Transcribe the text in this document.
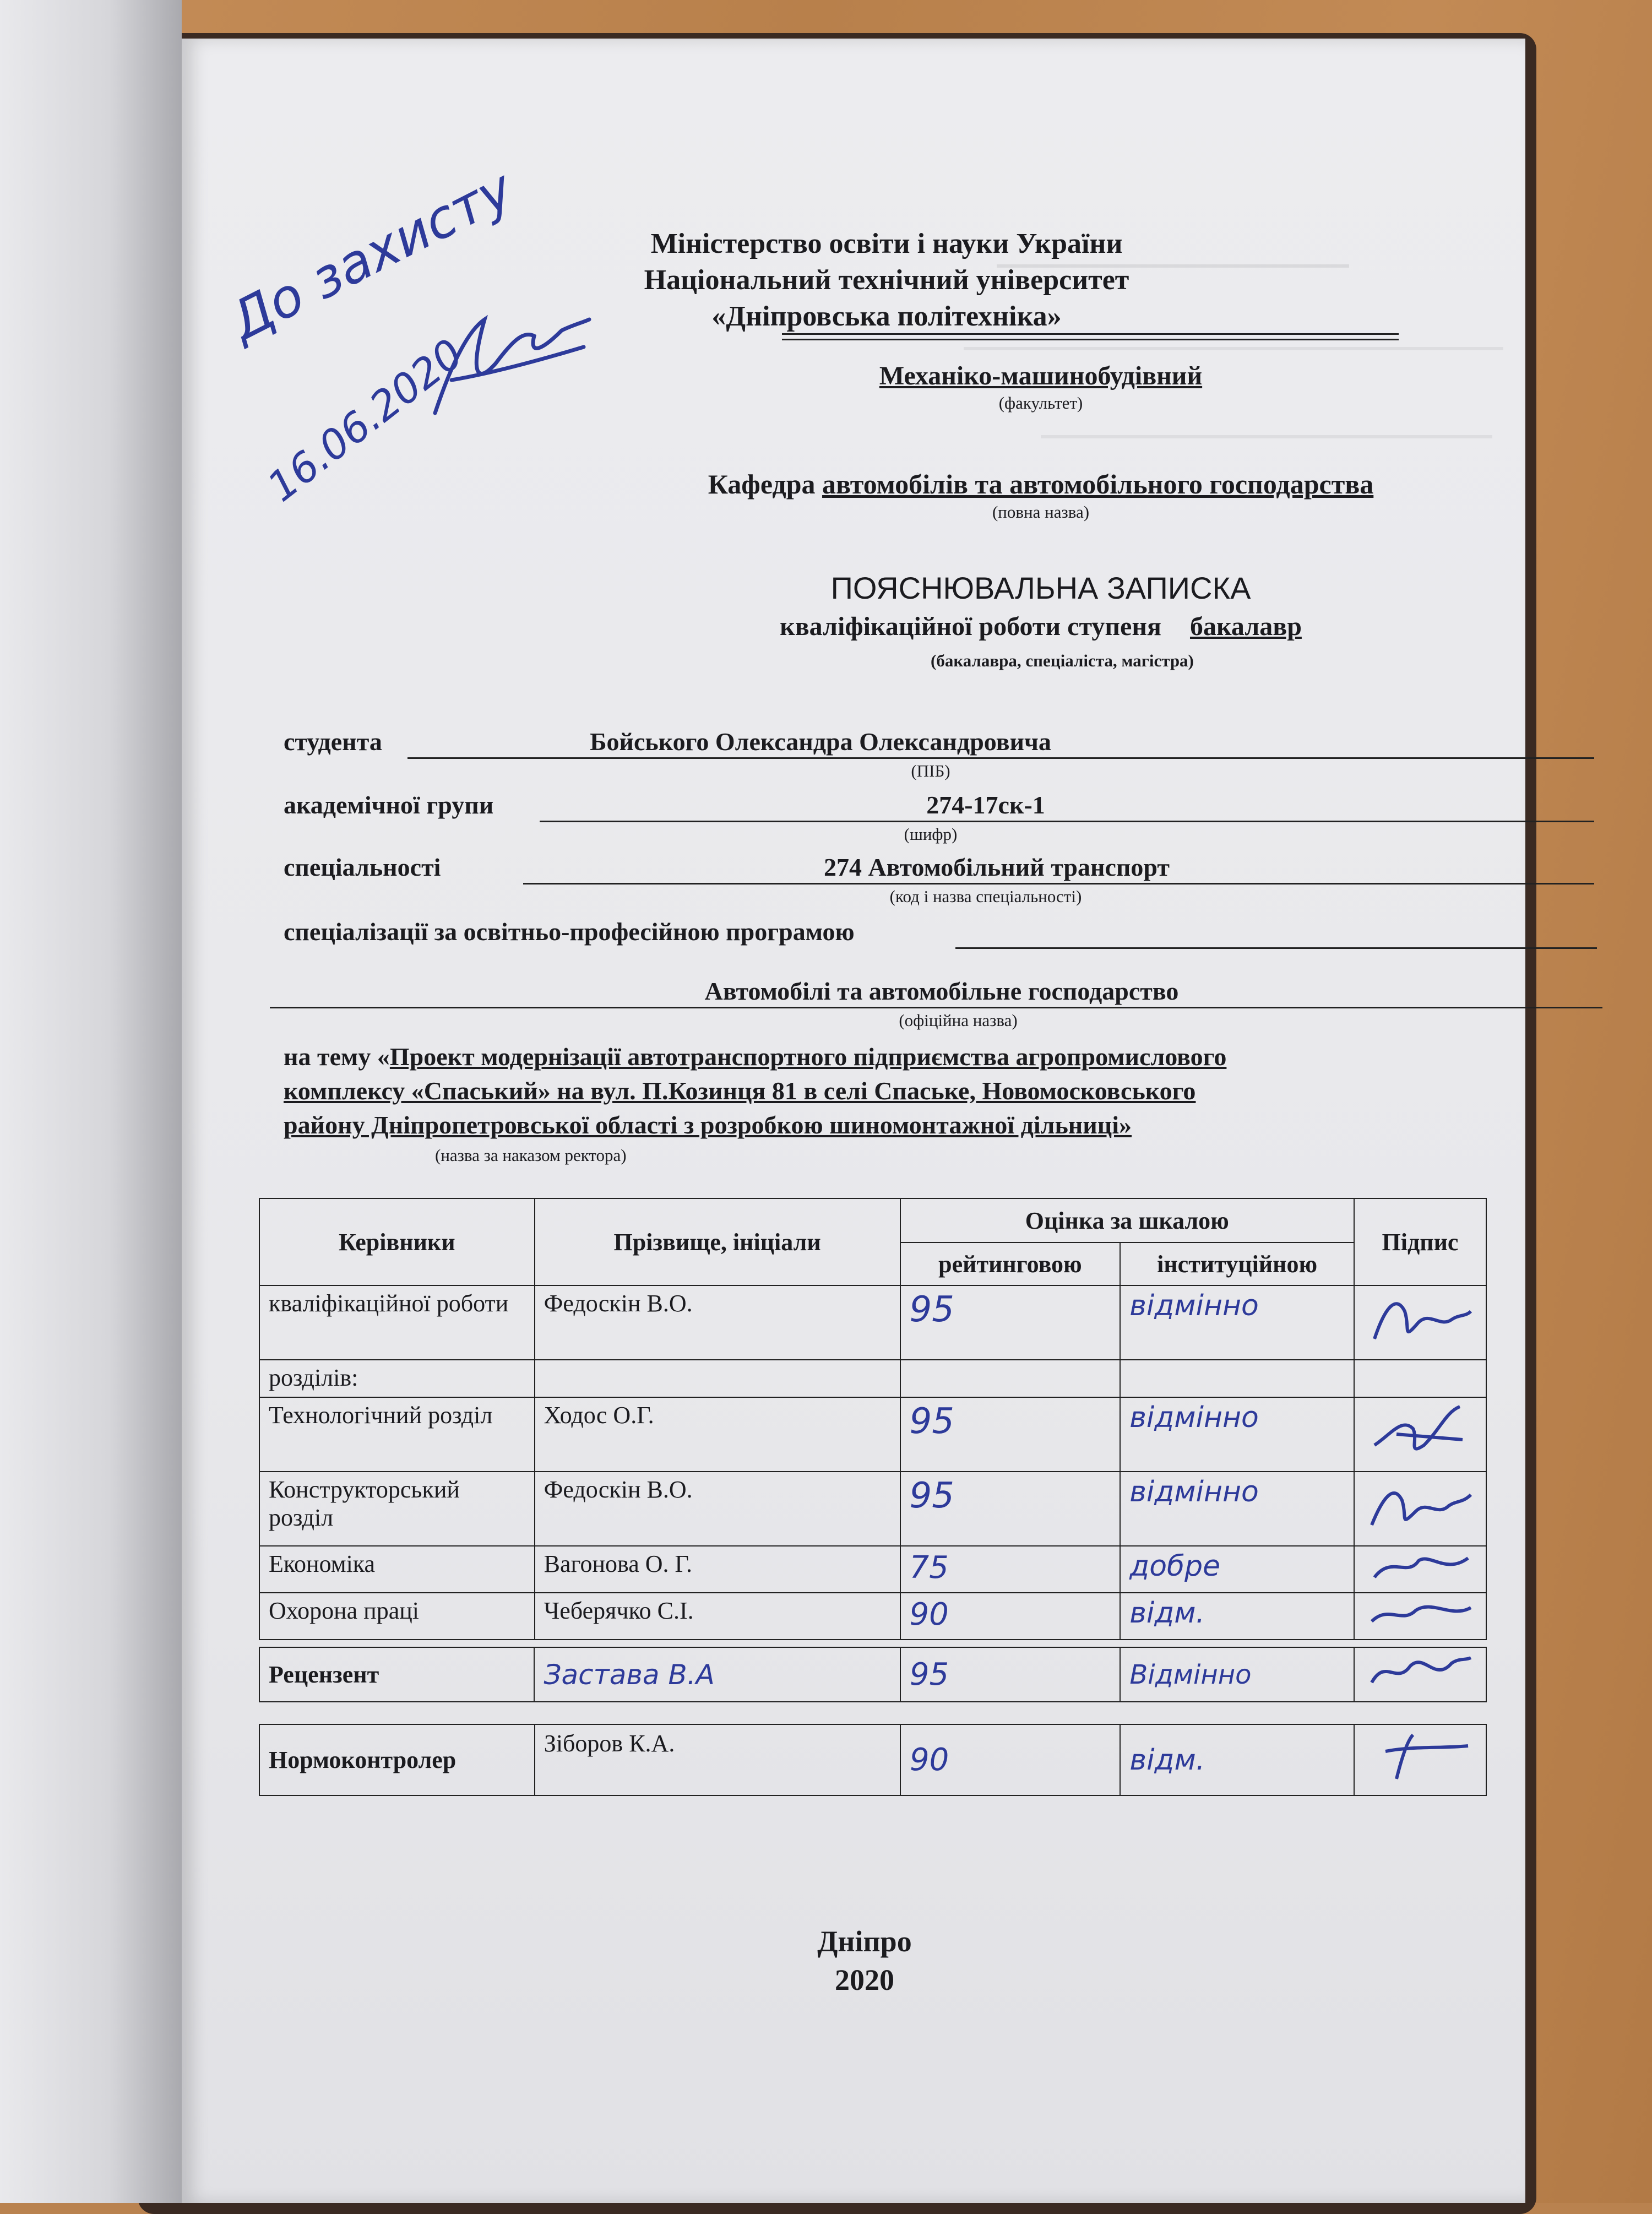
Міністерство освіти і науки України
Національний технічний університет
«Дніпровська політехніка»
До захисту
16.06.2020	Механіко-машинобудівний
(факультет)
Кафедра автомобілів та автомобільного господарства
(повна назва)
ПОЯСНЮВАЛЬНА ЗАПИСКА
кваліфікаційної роботи ступеня бакалавр
(бакалавра, спеціаліста, магістра)
студента	Бойського Олександра Олександровича
(ПІБ)
академічної групи	274-17ск-1
(шифр)
спеціальності	274 Автомобільний транспорт
(код і назва спеціальності)
спеціалізації за освітньо-професійною програмою
Автомобілі та автомобільне господарство
(офіційна назва)
на тему «Проект модернізації автотранспортного підприємства агропромислового
комплексу «Спаський» на вул. П.Козинця 81 в селі Спаське, Новомосковського
району Дніпропетровської області з розробкою шиномонтажної дільниці»
(назва за наказом ректора)
Керівники	Прізвище, ініціали	Оцінка за шкалою		Підпис
		рейтинговою	інституційною	
кваліфікаційної роботи	Федоскін В.О.	95	відмінно	
розділів:				
Технологічний розділ	Ходос О.Г.	95	відмінно	
Конструкторський розділ	Федоскін В.О.	95	відмінно	
Економіка	Вагонова О. Г.	75	добре	
Охорона праці	Чеберячко С.І.	90	відм.	
Рецензент	Застава В.А	95	Відмінно	
Нормоконтролер	Зіборов К.А.	90	відм.	
Дніпро
2020
